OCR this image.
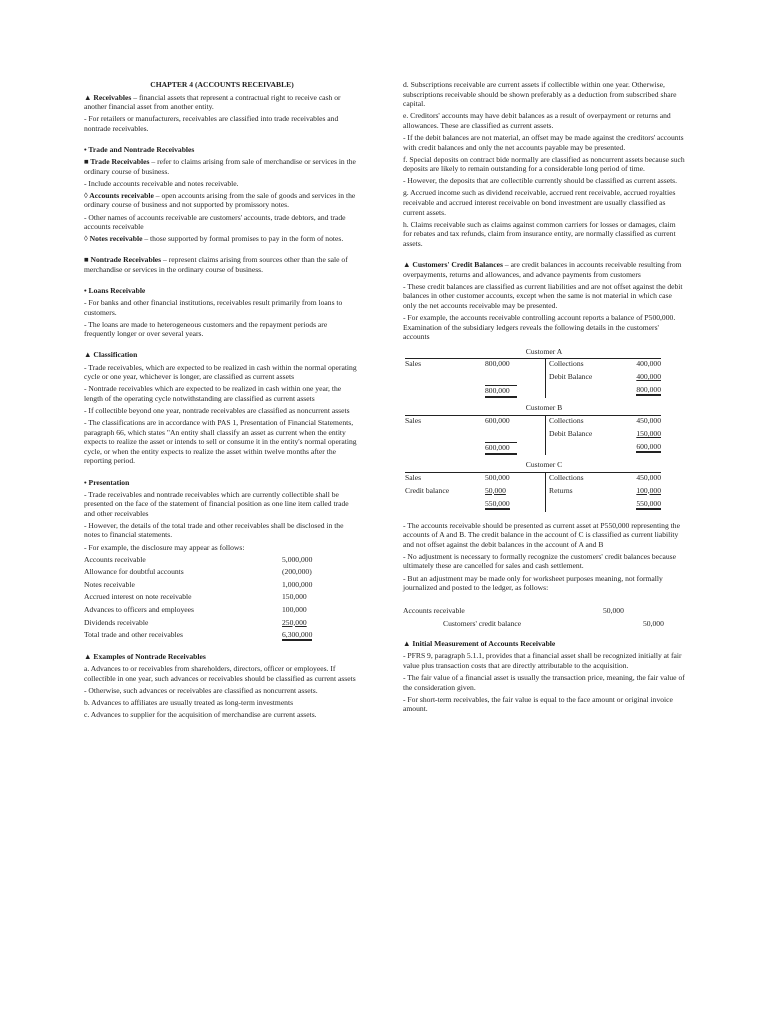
CHAPTER 4 (ACCOUNTS RECEIVABLE)

▲ Receivables – financial assets that represent a contractual right to receive cash or another financial asset from another entity.

- For retailers or manufacturers, receivables are classified into trade receivables and nontrade receivables.

• Trade and Nontrade Receivables

■ Trade Receivables – refer to claims arising from sale of merchandise or services in the ordinary course of business.

- Include accounts receivable and notes receivable.

◊ Accounts receivable – open accounts arising from the sale of goods and services in the ordinary course of business and not supported by promissory notes.

- Other names of accounts receivable are customers' accounts, trade debtors, and trade accounts receivable

◊ Notes receivable – those supported by formal promises to pay in the form of notes.

■ Nontrade Receivables – represent claims arising from sources other than the sale of merchandise or services in the ordinary course of business.

• Loans Receivable

- For banks and other financial institutions, receivables result primarily from loans to customers.

- The loans are made to heterogeneous customers and the repayment periods are frequently longer or over several years.

▲ Classification

- Trade receivables, which are expected to be realized in cash within the normal operating cycle or one year, whichever is longer, are classified as current assets

- Nontrade receivables which are expected to be realized in cash within one year, the length of the operating cycle notwithstanding are classified as current assets

- If collectible beyond one year, nontrade receivables are classified as noncurrent assets

- The classifications are in accordance with PAS 1, Presentation of Financial Statements, paragraph 66, which states "An entity shall classify an asset as current when the entity expects to realize the asset or intends to sell or consume it in the entity's normal operating cycle, or when the entity expects to realize the asset within twelve months after the reporting period.

• Presentation

- Trade receivables and nontrade receivables which are currently collectible shall be presented on the face of the statement of financial position as one line item called trade and other receivables

- However, the details of the total trade and other receivables shall be disclosed in the notes to financial statements.

- For example, the disclosure may appear as follows:

Accounts receivable	5,000,000
Allowance for doubtful accounts	(200,000)
Notes receivable	1,000,000
Accrued interest on note receivable	150,000
Advances to officers and employees	100,000
Dividends receivable	250,000
Total trade and other receivables	6,300,000

▲ Examples of Nontrade Receivables

a. Advances to or receivables from shareholders, directors, officer or employees. If collectible in one year, such advances or receivables should be classified as current assets

- Otherwise, such advances or receivables are classified as noncurrent assets.

b. Advances to affiliates are usually treated as long-term investments

c. Advances to supplier for the acquisition of merchandise are current assets.

d. Subscriptions receivable are current assets if collectible within one year. Otherwise, subscriptions receivable should be shown preferably as a deduction from subscribed share capital.

e. Creditors' accounts may have debit balances as a result of overpayment or returns and allowances. These are classified as current assets.

- If the debit balances are not material, an offset may be made against the creditors' accounts with credit balances and only the net accounts payable may be presented.

f. Special deposits on contract bide normally are classified as noncurrent assets because such deposits are likely to remain outstanding for a considerable long period of time.

- However, the deposits that are collectible currently should be classified as current assets.

g. Accrued income such as dividend receivable, accrued rent receivable, accrued royalties receivable and accrued interest receivable on bond investment are usually classified as current assets.

h. Claims receivable such as claims against common carriers for losses or damages, claim for rebates and tax refunds, claim from insurance entity, are normally classified as current assets.

▲ Customers' Credit Balances – are credit balances in accounts receivable resulting from overpayments, returns and allowances, and advance payments from customers

- These credit balances are classified as current liabilities and are not offset against the debit balances in other customer accounts, except when the same is not material in which case only the net accounts receivable may be presented.

- For example, the accounts receivable controlling account reports a balance of P500,000. Examination of the subsidiary ledgers reveals the following details in the customers' accounts

Customer A
Sales	800,000	Collections	400,000
		Debit Balance	400,000
	800,000		800,000
Customer B
Sales	600,000	Collections	450,000
		Debit Balance	150,000
	600,000		600,000
Customer C
Sales	500,000	Collections	450,000
Credit balance	50,000	Returns	100,000
	550,000		550,000

- The accounts receivable should be presented as current asset at P550,000 representing the accounts of A and B. The credit balance in the account of C is classified as current liability and not offset against the debit balances in the account of A and B

- No adjustment is necessary to formally recognize the customers' credit balances because ultimately these are cancelled for sales and cash settlement.

- But an adjustment may be made only for worksheet purposes meaning, not formally journalized and posted to the ledger, as follows:

Accounts receivable	50,000	
Customers' credit balance		50,000

▲ Initial Measurement of Accounts Receivable

- PFRS 9, paragraph 5.1.1, provides that a financial asset shall be recognized initially at fair value plus transaction costs that are directly attributable to the acquisition.

- The fair value of a financial asset is usually the transaction price, meaning, the fair value of the consideration given.

- For short-term receivables, the fair value is equal to the face amount or original invoice amount.
